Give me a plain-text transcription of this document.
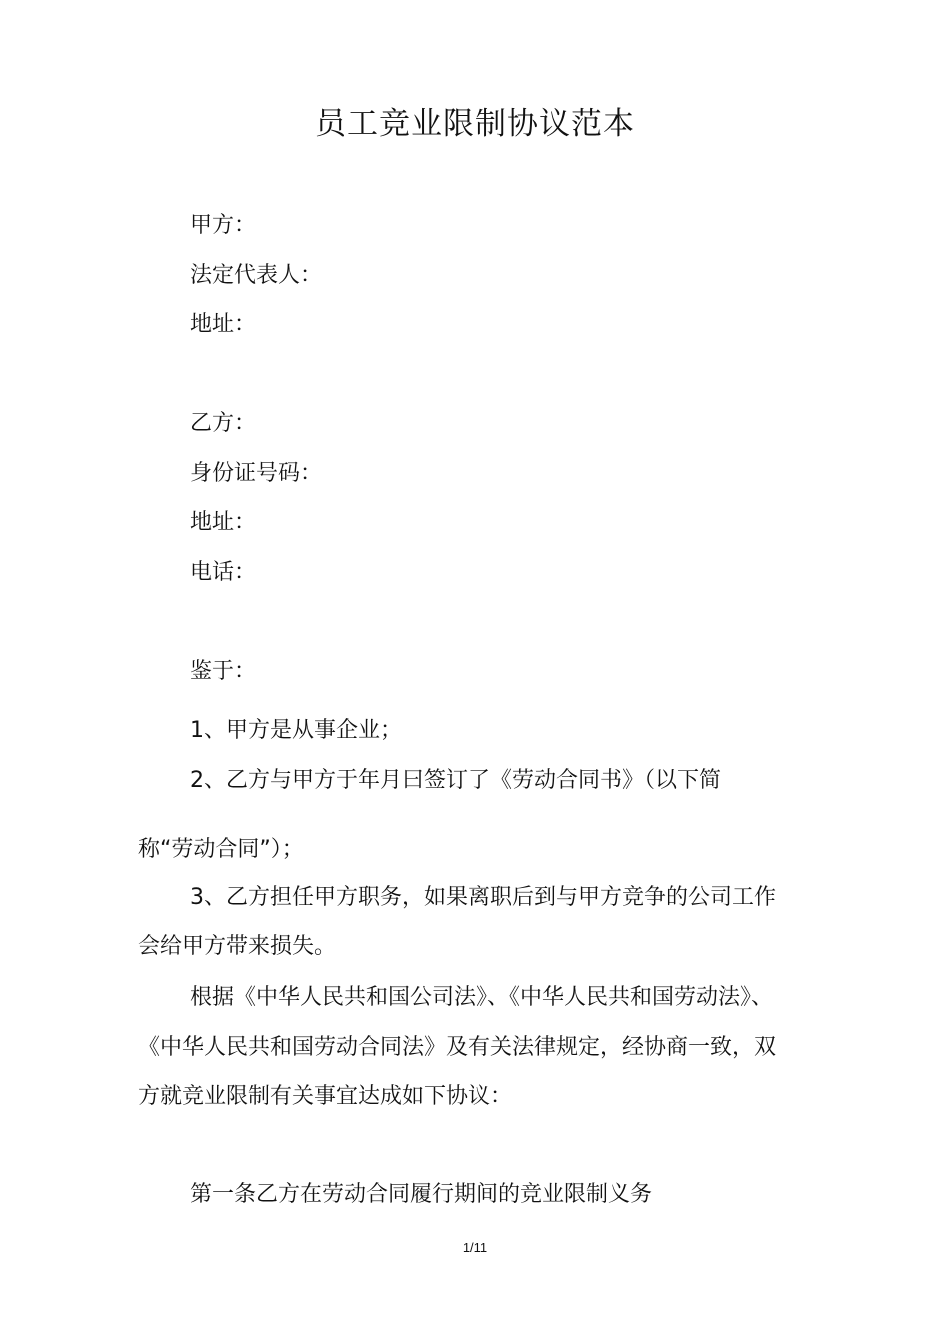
员工竞业限制协议范本
甲方：
法定代表人：
地址：
乙方：
身份证号码：
地址：
电话：
鉴于：
1、甲方是从事企业；
2、乙方与甲方于年月曰签订了《劳动合同书》（以下简
称“劳动合同”）；
3、乙方担任甲方职务，如果离职后到与甲方竞争的公司工作
会给甲方带来损失。
根据《中华人民共和国公司法》、《中华人民共和国劳动法》、
《中华人民共和国劳动合同法》及有关法律规定，经协商一致，双
方就竞业限制有关事宜达成如下协议：
第一条乙方在劳动合同履行期间的竞业限制义务
1/11
